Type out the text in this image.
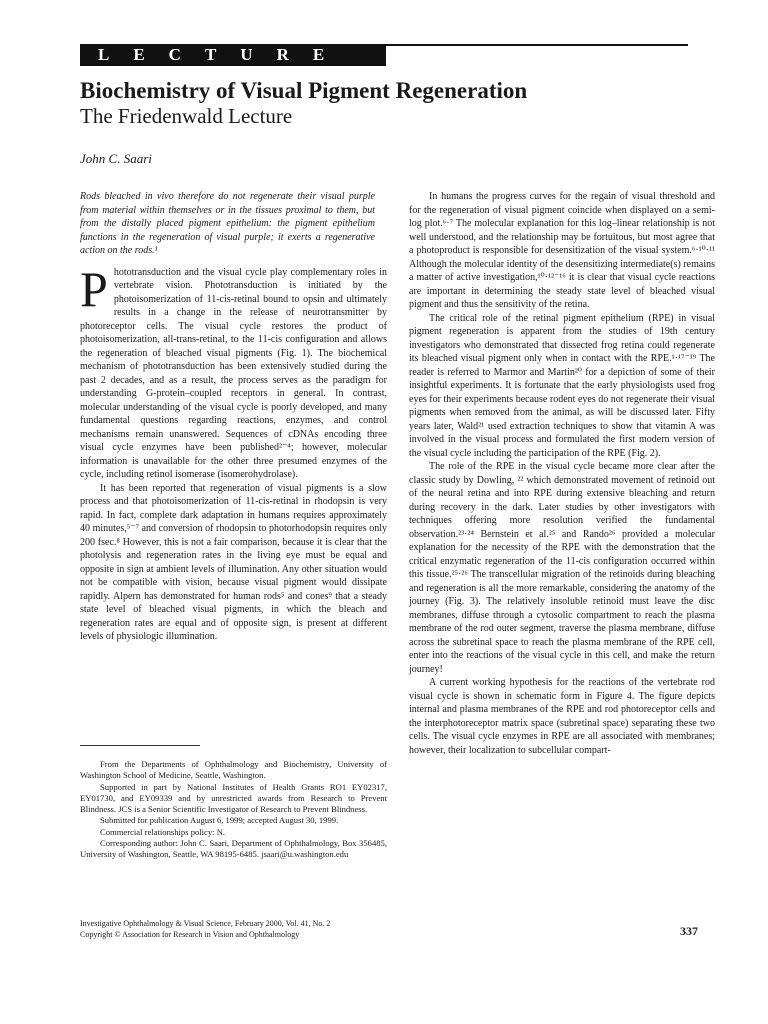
LECTURE
Biochemistry of Visual Pigment Regeneration
The Friedenwald Lecture
John C. Saari

Rods bleached in vivo therefore do not regenerate their visual purple from material within themselves or in the tissues proximal to them, but from the distally placed pigment epithelium: the pigment epithelium functions in the regeneration of visual purple; it exerts a regenerative action on the rods.¹

Phototransduction and the visual cycle play complementary roles in vertebrate vision. Phototransduction is initiated by the photoisomerization of 11-cis-retinal bound to opsin and ultimately results in a change in the release of neurotransmitter by photoreceptor cells. The visual cycle restores the product of photoisomerization, all-trans-retinal, to the 11-cis configuration and allows the regeneration of bleached visual pigments (Fig. 1). The biochemical mechanism of phototransduction has been extensively studied during the past 2 decades, and as a result, the process serves as the paradigm for understanding G-protein–coupled receptors in general. In contrast, molecular understanding of the visual cycle is poorly developed, and many fundamental questions regarding reactions, enzymes, and control mechanisms remain unanswered. Sequences of cDNAs encoding three visual cycle enzymes have been published²⁻⁴; however, molecular information is unavailable for the other three presumed enzymes of the cycle, including retinol isomerase (isomerohydrolase).

It has been reported that regeneration of visual pigments is a slow process and that photoisomerization of 11-cis-retinal in rhodopsin is very rapid. In fact, complete dark adaptation in humans requires approximately 40 minutes,⁵⁻⁷ and conversion of rhodopsin to photorhodopsin requires only 200 fsec.⁸ However, this is not a fair comparison, because it is clear that the photolysis and regeneration rates in the living eye must be equal and opposite in sign at ambient levels of illumination. Any other situation would not be compatible with vision, because visual pigment would dissipate rapidly. Alpern has demonstrated for human rods⁵ and cones⁹ that a steady state level of bleached visual pigments, in which the bleach and regeneration rates are equal and of opposite sign, is present at different levels of physiologic illumination.

From the Departments of Ophthalmology and Biochemistry, University of Washington School of Medicine, Seattle, Washington.

Supported in part by National Institutes of Health Grants RO1 EY02317, EY01730, and EY09339 and by unrestricted awards from Research to Prevent Blindness. JCS is a Senior Scientific Investigator of Research to Prevent Blindness.

Submitted for publication August 6, 1999; accepted August 30, 1999.

Commercial relationships policy: N.

Corresponding author: John C. Saari, Department of Ophthalmology, Box 356485, University of Washington, Seattle, WA 98195-6485. jsaari@u.washington.edu

In humans the progress curves for the regain of visual threshold and for the regeneration of visual pigment coincide when displayed on a semi-log plot.⁶·⁷ The molecular explanation for this log–linear relationship is not well understood, and the relationship may be fortuitous, but most agree that a photoproduct is responsible for desensitization of the visual system.⁶·¹⁰·¹¹ Although the molecular identity of the desensitizing intermediate(s) remains a matter of active investigation,¹⁰·¹²⁻¹⁶ it is clear that visual cycle reactions are important in determining the steady state level of bleached visual pigment and thus the sensitivity of the retina.

The critical role of the retinal pigment epithelium (RPE) in visual pigment regeneration is apparent from the studies of 19th century investigators who demonstrated that dissected frog retina could regenerate its bleached visual pigment only when in contact with the RPE.¹·¹⁷⁻¹⁹ The reader is referred to Marmor and Martin²⁰ for a depiction of some of their insightful experiments. It is fortunate that the early physiologists used frog eyes for their experiments because rodent eyes do not regenerate their visual pigments when removed from the animal, as will be discussed later. Fifty years later, Wald²¹ used extraction techniques to show that vitamin A was involved in the visual process and formulated the first modern version of the visual cycle including the participation of the RPE (Fig. 2).

The role of the RPE in the visual cycle became more clear after the classic study by Dowling, ²² which demonstrated movement of retinoid out of the neural retina and into RPE during extensive bleaching and return during recovery in the dark. Later studies by other investigators with techniques offering more resolution verified the fundamental observation.²³·²⁴ Bernstein et al.²⁵ and Rando²⁶ provided a molecular explanation for the necessity of the RPE with the demonstration that the critical enzymatic regeneration of the 11-cis configuration occurred within this tissue.²⁵·²⁶ The transcellular migration of the retinoids during bleaching and regeneration is all the more remarkable, considering the anatomy of the journey (Fig. 3). The relatively insoluble retinoid must leave the disc membranes, diffuse through a cytosolic compartment to reach the plasma membrane of the rod outer segment, traverse the plasma membrane, diffuse across the subretinal space to reach the plasma membrane of the RPE cell, enter into the reactions of the visual cycle in this cell, and make the return journey!

A current working hypothesis for the reactions of the vertebrate rod visual cycle is shown in schematic form in Figure 4. The figure depicts internal and plasma membranes of the RPE and rod photoreceptor cells and the interphotoreceptor matrix space (subretinal space) separating these two cells. The visual cycle enzymes in RPE are all associated with membranes; however, their localization to subcellular compart-

Investigative Ophthalmology & Visual Science, February 2000, Vol. 41, No. 2
Copyright © Association for Research in Vision and Ophthalmology	337
